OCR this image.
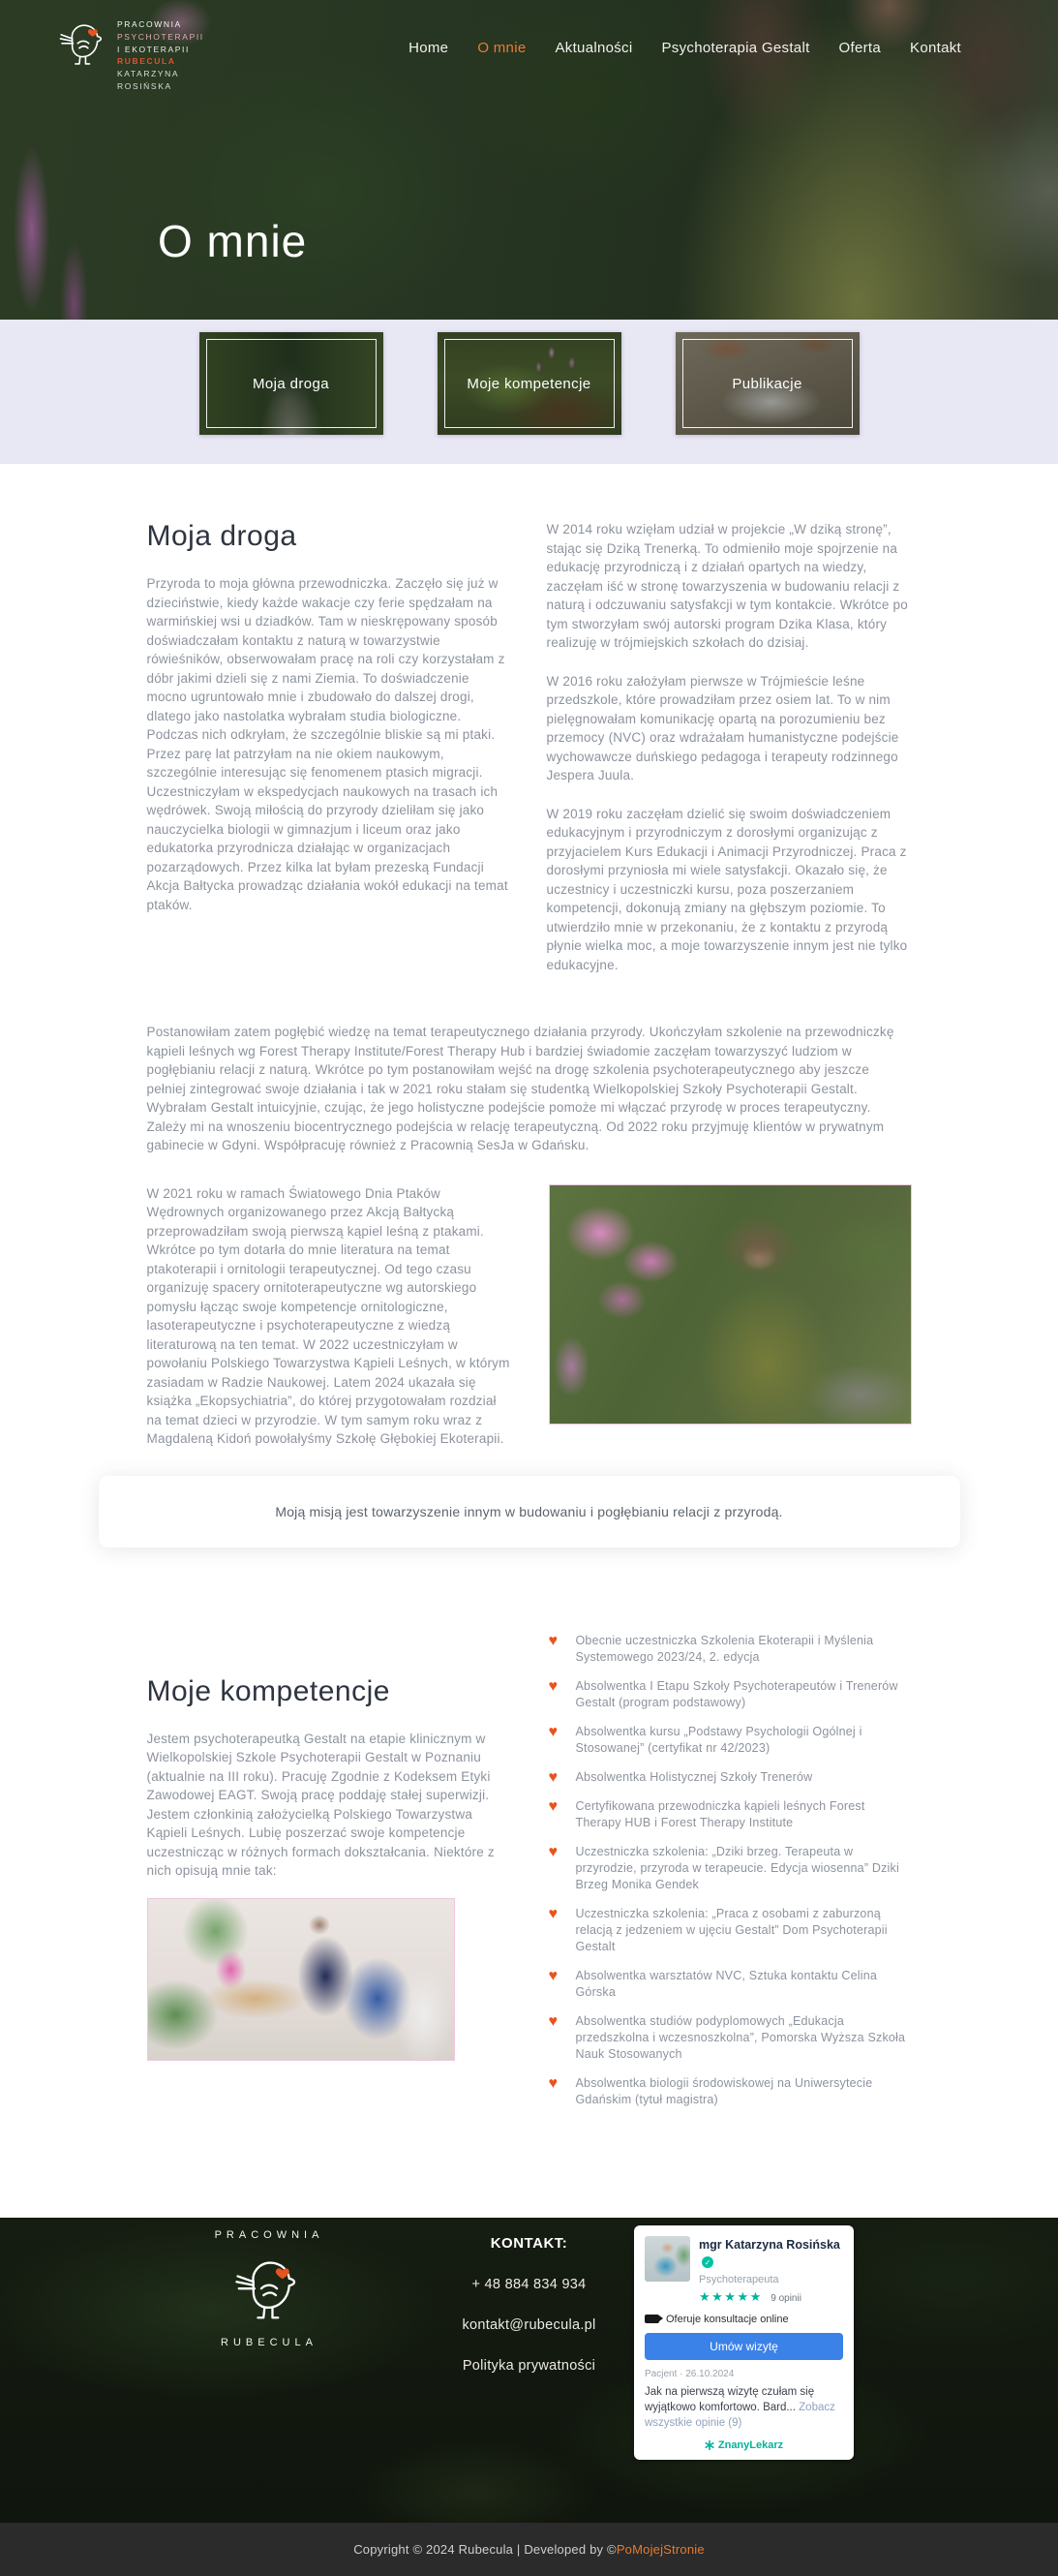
PRACOWNIA
PSYCHOTERAPII
I EKOTERAPII
RUBECULA
KATARZYNA
ROSIŃSKA
Home O mnie Aktualności Psychoterapia Gestalt Oferta Kontakt
O mnie
Moja droga	Moje kompetencje	Publikacje
Moja droga

Przyroda to moja główna przewodniczka. Zaczęło się już w dzieciństwie, kiedy każde wakacje czy ferie spędzałam na warmińskiej wsi u dziadków. Tam w nieskrępowany sposób doświadczałam kontaktu z naturą w towarzystwie rówieśników, obserwowałam pracę na roli czy korzystałam z dóbr jakimi dzieli się z nami Ziemia. To doświadczenie mocno ugruntowało mnie i zbudowało do dalszej drogi, dlatego jako nastolatka wybrałam studia biologiczne. Podczas nich odkryłam, że szczególnie bliskie są mi ptaki. Przez parę lat patrzyłam na nie okiem naukowym, szczególnie interesując się fenomenem ptasich migracji. Uczestniczyłam w ekspedycjach naukowych na trasach ich wędrówek. Swoją miłością do przyrody dzieliłam się jako nauczycielka biologii w gimnazjum i liceum oraz jako edukatorka przyrodnicza działając w organizacjach pozarządowych. Przez kilka lat byłam prezeską Fundacji Akcja Bałtycka prowadząc działania wokół edukacji na temat ptaków.

W 2014 roku wzięłam udział w projekcie „W dziką stronę”, stając się Dziką Trenerką. To odmieniło moje spojrzenie na edukację przyrodniczą i z działań opartych na wiedzy, zaczęłam iść w stronę towarzyszenia w budowaniu relacji z naturą i odczuwaniu satysfakcji w tym kontakcie. Wkrótce po tym stworzyłam swój autorski program Dzika Klasa, który realizuję w trójmiejskich szkołach do dzisiaj.

W 2016 roku założyłam pierwsze w Trójmieście leśne przedszkole, które prowadziłam przez osiem lat. To w nim pielęgnowałam komunikację opartą na porozumieniu bez przemocy (NVC) oraz wdrażałam humanistyczne podejście wychowawcze duńskiego pedagoga i terapeuty rodzinnego Jespera Juula.

W 2019 roku zaczęłam dzielić się swoim doświadczeniem edukacyjnym i przyrodniczym z dorosłymi organizując z przyjacielem Kurs Edukacji i Animacji Przyrodniczej. Praca z dorosłymi przyniosła mi wiele satysfakcji. Okazało się, że uczestnicy i uczestniczki kursu, poza poszerzaniem kompetencji, dokonują zmiany na głębszym poziomie. To utwierdziło mnie w przekonaniu, że z kontaktu z przyrodą płynie wielka moc, a moje towarzyszenie innym jest nie tylko edukacyjne.

Postanowiłam zatem pogłębić wiedzę na temat terapeutycznego działania przyrody. Ukończyłam szkolenie na przewodniczkę kąpieli leśnych wg Forest Therapy Institute/Forest Therapy Hub i bardziej świadomie zaczęłam towarzyszyć ludziom w pogłębianiu relacji z naturą. Wkrótce po tym postanowiłam wejść na drogę szkolenia psychoterapeutycznego aby jeszcze pełniej zintegrować swoje działania i tak w 2021 roku stałam się studentką Wielkopolskiej Szkoły Psychoterapii Gestalt. Wybrałam Gestalt intuicyjnie, czując, że jego holistyczne podejście pomoże mi włączać przyrodę w proces terapeutyczny. Zależy mi na wnoszeniu biocentrycznego podejścia w relację terapeutyczną. Od 2022 roku przyjmuję klientów w prywatnym gabinecie w Gdyni. Współpracuję również z Pracownią SesJa w Gdańsku.

W 2021 roku w ramach Światowego Dnia Ptaków Wędrownych organizowanego przez Akcją Bałtycką przeprowadziłam swoją pierwszą kąpiel leśną z ptakami. Wkrótce po tym dotarła do mnie literatura na temat ptakoterapii i ornitologii terapeutycznej. Od tego czasu organizuję spacery ornitoterapeutyczne wg autorskiego pomysłu łącząc swoje kompetencje ornitologiczne, lasoterapeutyczne i psychoterapeutyczne z wiedzą literaturową na ten temat. W 2022 uczestniczyłam w powołaniu Polskiego Towarzystwa Kąpieli Leśnych, w którym zasiadam w Radzie Naukowej. Latem 2024 ukazała się książka „Ekopsychiatria”, do której przygotowałam rozdział na temat dzieci w przyrodzie. W tym samym roku wraz z Magdaleną Kidoń powołałyśmy Szkołę Głębokiej Ekoterapii.

Moją misją jest towarzyszenie innym w budowaniu i pogłębianiu relacji z przyrodą.
Moje kompetencje

Jestem psychoterapeutką Gestalt na etapie klinicznym w Wielkopolskiej Szkole Psychoterapii Gestalt w Poznaniu (aktualnie na III roku). Pracuję Zgodnie z Kodeksem Etyki Zawodowej EAGT. Swoją pracę poddaję stałej superwizji. Jestem członkinią założycielką Polskiego Towarzystwa Kąpieli Leśnych. Lubię poszerzać swoje kompetencje uczestnicząc w różnych formach dokształcania. Niektóre z nich opisują mnie tak:

♥ Obecnie uczestniczka Szkolenia Ekoterapii i Myślenia Systemowego 2023/24, 2. edycja
♥ Absolwentka I Etapu Szkoły Psychoterapeutów i Trenerów Gestalt (program podstawowy)
♥ Absolwentka kursu „Podstawy Psychologii Ogólnej i Stosowanej” (certyfikat nr 42/2023)
♥ Absolwentka Holistycznej Szkoły Trenerów
♥ Certyfikowana przewodniczka kąpieli leśnych Forest Therapy HUB i Forest Therapy Institute
♥ Uczestniczka szkolenia: „Dziki brzeg. Terapeuta w przyrodzie, przyroda w terapeucie. Edycja wiosenna” Dziki Brzeg Monika Gendek
♥ Uczestniczka szkolenia: „Praca z osobami z zaburzoną relacją z jedzeniem w ujęciu Gestalt” Dom Psychoterapii Gestalt
♥ Absolwentka warsztatów NVC, Sztuka kontaktu Celina Górska
♥ Absolwentka studiów podyplomowych „Edukacja przedszkolna i wczesnoszkolna”, Pomorska Wyższa Szkoła Nauk Stosowanych
♥ Absolwentka biologii środowiskowej na Uniwersytecie Gdańskim (tytuł magistra)
PRACOWNIA
RUBECULA
KONTAKT:
+ 48 884 834 934
kontakt@rubecula.pl
Polityka prywatności
mgr Katarzyna Rosińska✓
Psychoterapeuta
★★★★★ 9 opinii
Oferuje konsultacje online
Umów wizytę
Pacjent · 26.10.2024
Jak na pierwszą wizytę czułam się wyjątkowo komfortowo. Bard... Zobacz wszystkie opinie (9)
ZnanyLekarz
Copyright © 2024 Rubecula | Developed by © PoMojejStronie
